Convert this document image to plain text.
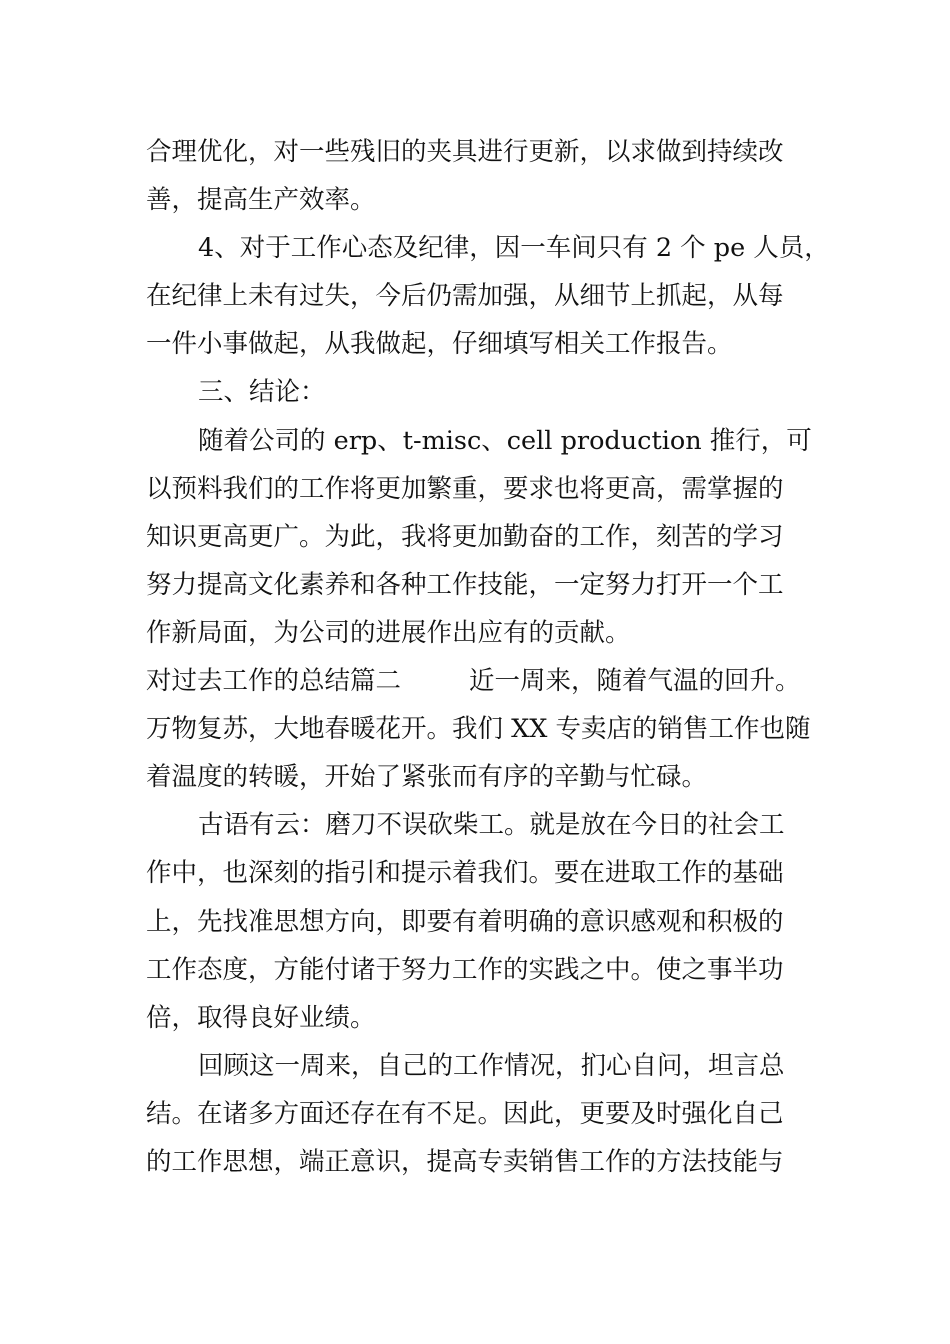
合理优化，对一些残旧的夹具进行更新，以求做到持续改
善，提高生产效率。
4、对于工作心态及纪律，因一车间只有 2 个 pe 人员，
在纪律上未有过失，今后仍需加强，从细节上抓起，从每
一件小事做起，从我做起，仔细填写相关工作报告。
三、结论：
随着公司的 erp、t-misc、cell production 推行，可
以预料我们的工作将更加繁重，要求也将更高，需掌握的
知识更高更广。为此，我将更加勤奋的工作，刻苦的学习
努力提高文化素养和各种工作技能，一定努力打开一个工
作新局面，为公司的进展作出应有的贡献。
对过去工作的总结篇二	近一周来，随着气温的回升。
万物复苏，大地春暖花开。我们 XX 专卖店的销售工作也随
着温度的转暖，开始了紧张而有序的辛勤与忙碌。
古语有云：磨刀不误砍柴工。就是放在今日的社会工
作中，也深刻的指引和提示着我们。要在进取工作的基础
上，先找准思想方向，即要有着明确的意识感观和积极的
工作态度，方能付诸于努力工作的实践之中。使之事半功
倍，取得良好业绩。
回顾这一周来，自己的工作情况，扪心自问，坦言总
结。在诸多方面还存在有不足。因此，更要及时强化自己
的工作思想，端正意识，提高专卖销售工作的方法技能与
